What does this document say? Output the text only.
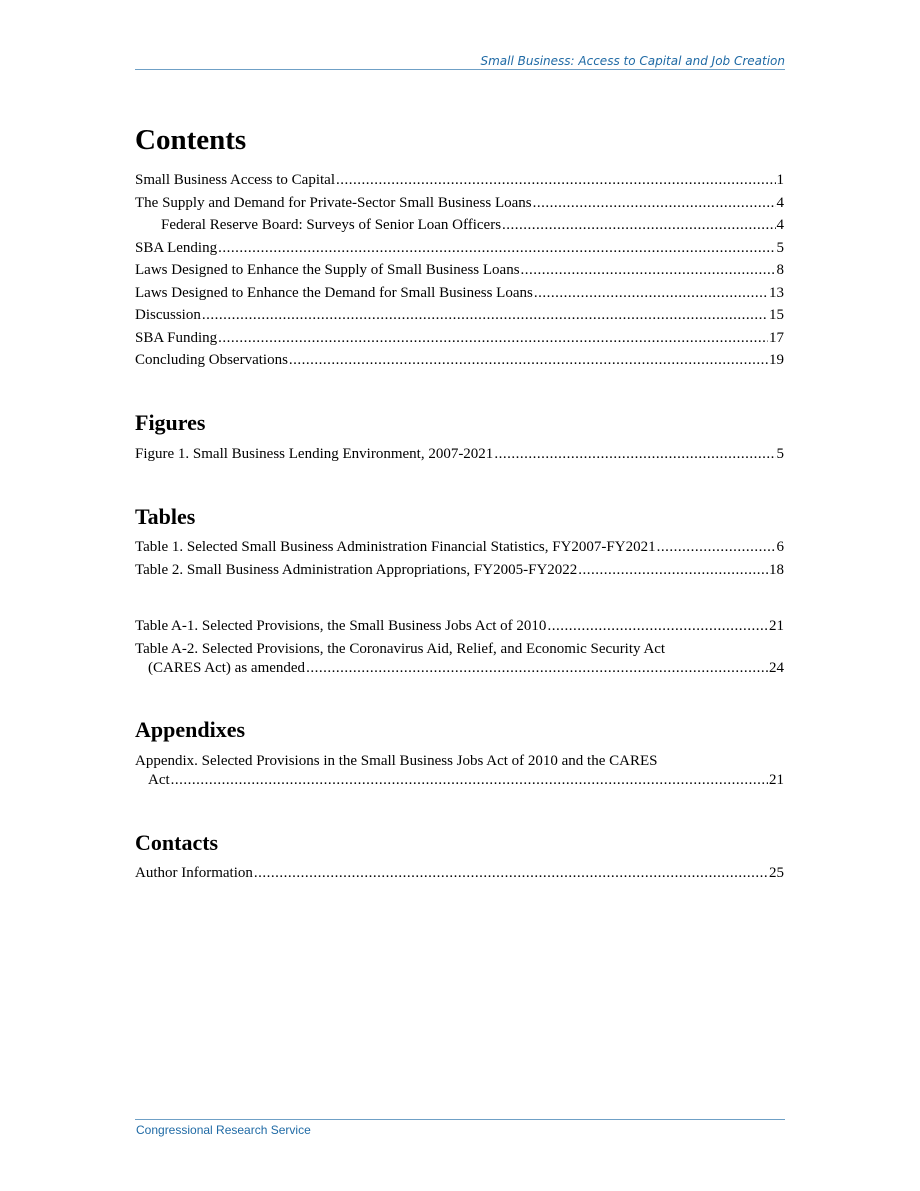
Small Business: Access to Capital and Job Creation
Contents
Small Business Access to Capital .....	1
The Supply and Demand for Private-Sector Small Business Loans .....	4
Federal Reserve Board: Surveys of Senior Loan Officers .....	4
SBA Lending .....	5
Laws Designed to Enhance the Supply of Small Business Loans .....	8
Laws Designed to Enhance the Demand for Small Business Loans .....	13
Discussion .....	15
SBA Funding .....	17
Concluding Observations .....	19
Figures
Figure 1. Small Business Lending Environment, 2007-2021 .....	5
Tables
Table 1. Selected Small Business Administration Financial Statistics, FY2007-FY2021 .....	6
Table 2. Small Business Administration Appropriations, FY2005-FY2022 .....	18
Table A-1. Selected Provisions, the Small Business Jobs Act of 2010 .....	21
Table A-2. Selected Provisions, the Coronavirus Aid, Relief, and Economic Security Act
(CARES Act) as amended .....	24
Appendixes
Appendix. Selected Provisions in the Small Business Jobs Act of 2010 and the CARES
Act .....	21
Contacts
Author Information .....	25
Congressional Research Service
